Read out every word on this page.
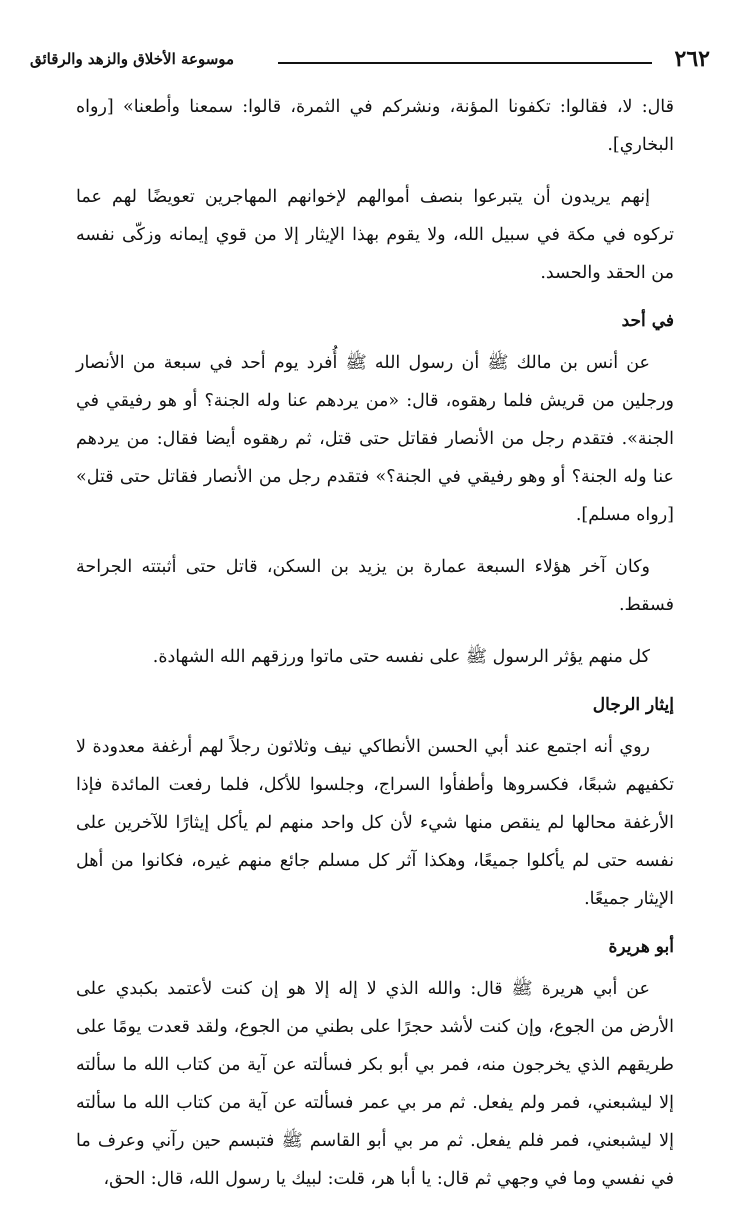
٢٦٢
موسوعة الأخلاق والزهد والرقائق

قال: لا، فقالوا: تكفونا المؤنة، ونشركم في الثمرة، قالوا: سمعنا وأطعنا» [رواه البخاري].

إنهم يريدون أن يتبرعوا بنصف أموالهم لإخوانهم المهاجرين تعويضًا لهم عما تركوه في مكة في سبيل الله، ولا يقوم بهذا الإيثار إلا من قوي إيمانه وزكّى نفسه من الحقد والحسد.

في أحد

عن أنس بن مالك ﷺ أن رسول الله ﷺ أُفرد يوم أحد في سبعة من الأنصار ورجلين من قريش فلما رهقوه، قال: «من يردهم عنا وله الجنة؟ أو هو رفيقي في الجنة». فتقدم رجل من الأنصار فقاتل حتى قتل، ثم رهقوه أيضا فقال: من يردهم عنا وله الجنة؟ أو وهو رفيقي في الجنة؟» فتقدم رجل من الأنصار فقاتل حتى قتل» [رواه مسلم].

وكان آخر هؤلاء السبعة عمارة بن يزيد بن السكن، قاتل حتى أثبتته الجراحة فسقط.

كل منهم يؤثر الرسول ﷺ على نفسه حتى ماتوا ورزقهم الله الشهادة.

إيثار الرجال

روي أنه اجتمع عند أبي الحسن الأنطاكي نيف وثلاثون رجلاً لهم أرغفة معدودة لا تكفيهم شبعًا، فكسروها وأطفأوا السراج، وجلسوا للأكل، فلما رفعت المائدة فإذا الأرغفة محالها لم ينقص منها شيء لأن كل واحد منهم لم يأكل إيثارًا للآخرين على نفسه حتى لم يأكلوا جميعًا، وهكذا آثر كل مسلم جائع منهم غيره، فكانوا من أهل الإيثار جميعًا.

أبو هريرة

عن أبي هريرة ﷺ قال: والله الذي لا إله إلا هو إن كنت لأعتمد بكبدي على الأرض من الجوع، وإن كنت لأشد حجرًا على بطني من الجوع، ولقد قعدت يومًا على طريقهم الذي يخرجون منه، فمر بي أبو بكر فسألته عن آية من كتاب الله ما سألته إلا ليشبعني، فمر ولم يفعل. ثم مر بي عمر فسألته عن آية من كتاب الله ما سألته إلا ليشبعني، فمر فلم يفعل. ثم مر بي أبو القاسم ﷺ فتبسم حين رآني وعرف ما في نفسي وما في وجهي ثم قال: يا أبا هر، قلت: لبيك يا رسول الله، قال: الحق،
